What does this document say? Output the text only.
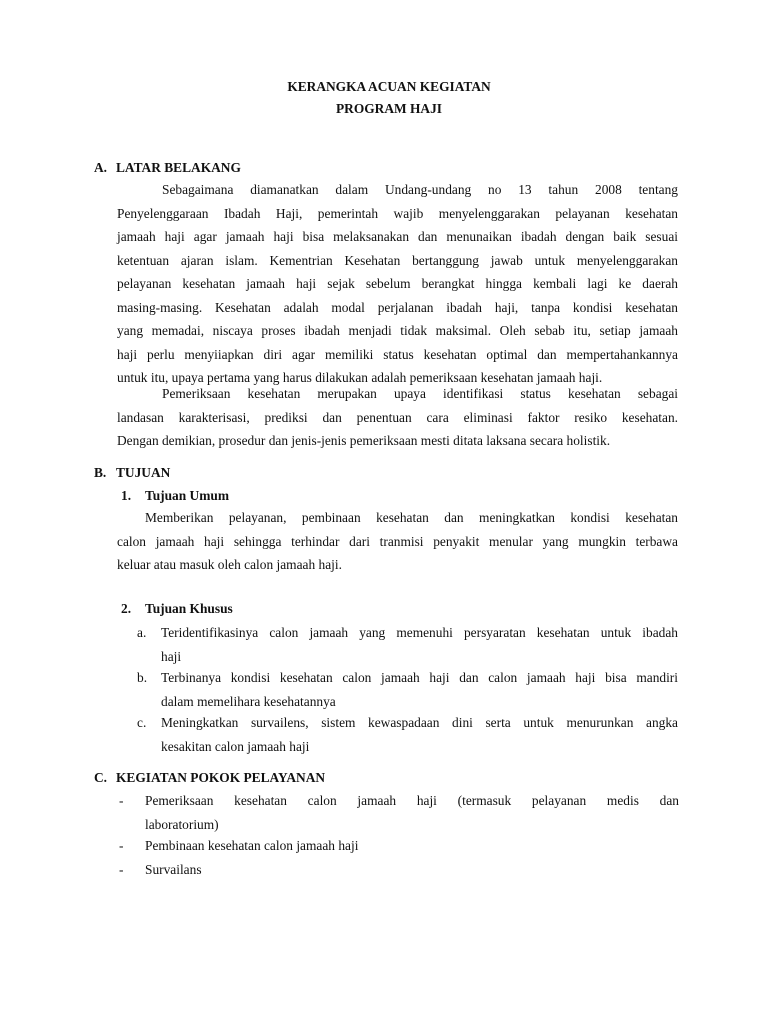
KERANGKA ACUAN KEGIATAN
PROGRAM HAJI
A. LATAR BELAKANG
Sebagaimana diamanatkan dalam Undang-undang no 13 tahun 2008 tentang
Penyelenggaraan Ibadah Haji, pemerintah wajib menyelenggarakan pelayanan kesehatan
jamaah haji agar jamaah haji bisa melaksanakan dan menunaikan ibadah dengan baik sesuai
ketentuan ajaran islam. Kementrian Kesehatan bertanggung jawab untuk menyelenggarakan
pelayanan kesehatan jamaah haji sejak sebelum berangkat hingga kembali lagi ke daerah
masing-masing. Kesehatan adalah modal perjalanan ibadah haji, tanpa kondisi kesehatan
yang memadai, niscaya proses ibadah menjadi tidak maksimal. Oleh sebab itu, setiap jamaah
haji perlu menyiiapkan diri agar memiliki status kesehatan optimal dan mempertahankannya
untuk itu, upaya pertama yang harus dilakukan adalah pemeriksaan kesehatan jamaah haji.
Pemeriksaan kesehatan merupakan upaya identifikasi status kesehatan sebagai
landasan karakterisasi, prediksi dan penentuan cara eliminasi faktor resiko kesehatan.
Dengan demikian, prosedur dan jenis-jenis pemeriksaan mesti ditata laksana secara holistik.
B. TUJUAN
1. Tujuan Umum
Memberikan pelayanan, pembinaan kesehatan dan meningkatkan kondisi kesehatan
calon jamaah haji sehingga terhindar dari tranmisi penyakit menular yang mungkin terbawa
keluar atau masuk oleh calon jamaah haji.
2. Tujuan Khusus
a.	Teridentifikasinya calon jamaah yang memenuhi persyaratan kesehatan untuk ibadah
haji
b.	Terbinanya kondisi kesehatan calon jamaah haji dan calon jamaah haji bisa mandiri
dalam memelihara kesehatannya
c.	Meningkatkan survailens, sistem kewaspadaan dini serta untuk menurunkan angka
kesakitan calon jamaah haji
C. KEGIATAN POKOK PELAYANAN
- Pemeriksaan kesehatan calon jamaah haji (termasuk pelayanan medis dan
laboratorium)
- Pembinaan kesehatan calon jamaah haji
- Survailans
